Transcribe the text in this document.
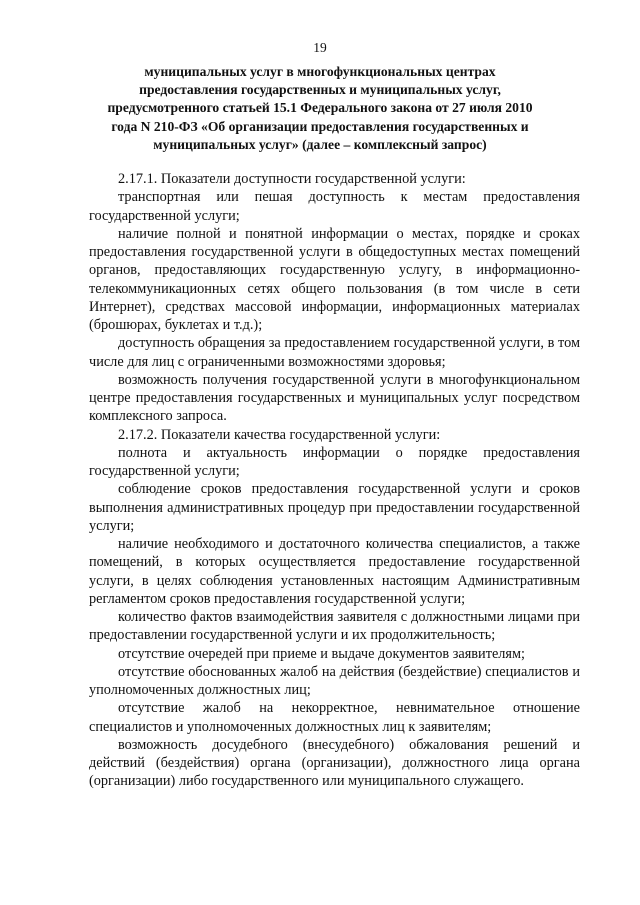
19
муниципальных услуг в многофункциональных центрах
предоставления государственных и муниципальных услуг,
предусмотренного статьей 15.1 Федерального закона от 27 июля 2010
года N 210-ФЗ «Об организации предоставления государственных и
муниципальных услуг» (далее – комплексный запрос)

2.17.1. Показатели доступности государственной услуги:

транспортная или пешая доступность к местам предоставления государственной услуги;

наличие полной и понятной информации о местах, порядке и сроках предоставления государственной услуги в общедоступных местах помещений органов, предоставляющих государственную услугу, в информационно-телекоммуникационных сетях общего пользования (в том числе в сети Интернет), средствах массовой информации, информационных материалах (брошюрах, буклетах и т.д.);

доступность обращения за предоставлением государственной услуги, в том числе для лиц с ограниченными возможностями здоровья;

возможность получения государственной услуги в многофункциональном центре предоставления государственных и муниципальных услуг посредством комплексного запроса.

2.17.2. Показатели качества государственной услуги:

полнота и актуальность информации о порядке предоставления государственной услуги;

соблюдение сроков предоставления государственной услуги и сроков выполнения административных процедур при предоставлении государственной услуги;

наличие необходимого и достаточного количества специалистов, а также помещений, в которых осуществляется предоставление государственной услуги, в целях соблюдения установленных настоящим Административным регламентом сроков предоставления государственной услуги;

количество фактов взаимодействия заявителя с должностными лицами при предоставлении государственной услуги и их продолжительность;

отсутствие очередей при приеме и выдаче документов заявителям;

отсутствие обоснованных жалоб на действия (бездействие) специалистов и уполномоченных должностных лиц;

отсутствие жалоб на некорректное, невнимательное отношение специалистов и уполномоченных должностных лиц к заявителям;

возможность досудебного (внесудебного) обжалования решений и действий (бездействия) органа (организации), должностного лица органа (организации) либо государственного или муниципального служащего.
